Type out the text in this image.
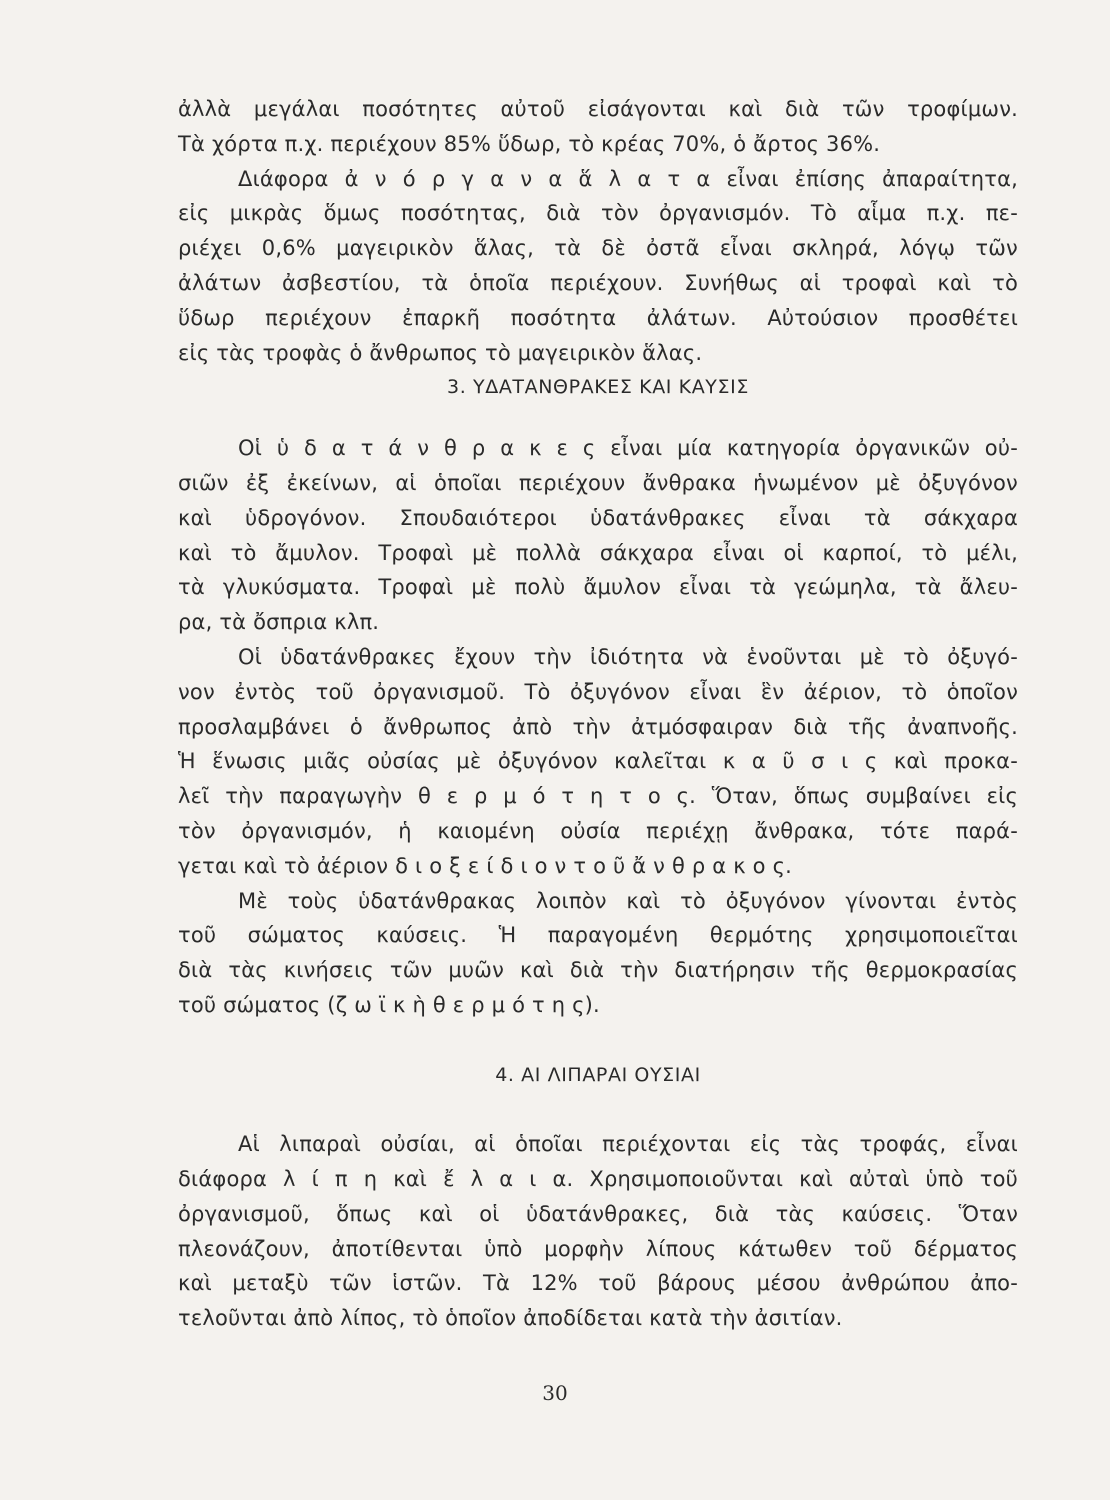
ἀλλὰ μεγάλαι ποσότητες αὐτοῦ εἰσάγονται καὶ διὰ τῶν τροφίμων.
Τὰ χόρτα π.χ. περιέχουν 85% ὕδωρ, τὸ κρέας 70%, ὁ ἄρτος 36%.
Διάφορα ἀ ν ό ρ γ α ν α ἅ λ α τ α εἶναι ἐπίσης ἀπαραίτητα,
εἰς μικρὰς ὅμως ποσότητας, διὰ τὸν ὀργανισμόν. Τὸ αἷμα π.χ. πε-
ριέχει 0,6% μαγειρικὸν ἅλας, τὰ δὲ ὀστᾶ εἶναι σκληρά, λόγῳ τῶν
ἀλάτων ἀσβεστίου, τὰ ὁποῖα περιέχουν. Συνήθως αἱ τροφαὶ καὶ τὸ
ὕδωρ περιέχουν ἐπαρκῆ ποσότητα ἀλάτων. Αὐτούσιον προσθέτει
εἰς τὰς τροφὰς ὁ ἄνθρωπος τὸ μαγειρικὸν ἅλας.
3. ΥΔΑΤΑΝΘΡΑΚΕΣ ΚΑΙ ΚΑΥΣΙΣ
Οἱ ὑ δ α τ ά ν θ ρ α κ ε ς εἶναι μία κατηγορία ὀργανικῶν οὐ-
σιῶν ἐξ ἐκείνων, αἱ ὁποῖαι περιέχουν ἄνθρακα ἡνωμένον μὲ ὀξυγόνον
καὶ ὑδρογόνον. Σπουδαιότεροι ὑδατάνθρακες εἶναι τὰ σάκχαρα
καὶ τὸ ἄμυλον. Τροφαὶ μὲ πολλὰ σάκχαρα εἶναι οἱ καρποί, τὸ μέλι,
τὰ γλυκύσματα. Τροφαὶ μὲ πολὺ ἄμυλον εἶναι τὰ γεώμηλα, τὰ ἄλευ-
ρα, τὰ ὄσπρια κλπ.
Οἱ ὑδατάνθρακες ἔχουν τὴν ἰδιότητα νὰ ἑνοῦνται μὲ τὸ ὀξυγό-
νον ἐντὸς τοῦ ὀργανισμοῦ. Τὸ ὀξυγόνον εἶναι ἓν ἀέριον, τὸ ὁποῖον
προσλαμβάνει ὁ ἄνθρωπος ἀπὸ τὴν ἀτμόσφαιραν διὰ τῆς ἀναπνοῆς.
Ἡ ἕνωσις μιᾶς οὐσίας μὲ ὀξυγόνον καλεῖται κ α ῦ σ ι ς καὶ προκα-
λεῖ τὴν παραγωγὴν θ ε ρ μ ό τ η τ ο ς. Ὅταν, ὅπως συμβαίνει εἰς
τὸν ὀργανισμόν, ἡ καιομένη οὐσία περιέχῃ ἄνθρακα, τότε παρά-
γεται καὶ τὸ ἀέριον δ ι ο ξ ε ί δ ι ο ν τ ο ῦ ἄ ν θ ρ α κ ο ς.
Μὲ τοὺς ὑδατάνθρακας λοιπὸν καὶ τὸ ὀξυγόνον γίνονται ἐντὸς
τοῦ σώματος καύσεις. Ἡ παραγομένη θερμότης χρησιμοποιεῖται
διὰ τὰς κινήσεις τῶν μυῶν καὶ διὰ τὴν διατήρησιν τῆς θερμοκρασίας
τοῦ σώματος (ζ ω ϊ κ ὴ θ ε ρ μ ό τ η ς).
4. ΑΙ ΛΙΠΑΡΑΙ ΟΥΣΙΑΙ
Αἱ λιπαραὶ οὐσίαι, αἱ ὁποῖαι περιέχονται εἰς τὰς τροφάς, εἶναι
διάφορα λ ί π η καὶ ἔ λ α ι α. Χρησιμοποιοῦνται καὶ αὐταὶ ὑπὸ τοῦ
ὀργανισμοῦ, ὅπως καὶ οἱ ὑδατάνθρακες, διὰ τὰς καύσεις. Ὅταν
πλεονάζουν, ἀποτίθενται ὑπὸ μορφὴν λίπους κάτωθεν τοῦ δέρματος
καὶ μεταξὺ τῶν ἱστῶν. Τὰ 12% τοῦ βάρους μέσου ἀνθρώπου ἀπο-
τελοῦνται ἀπὸ λίπος, τὸ ὁποῖον ἀποδίδεται κατὰ τὴν ἀσιτίαν.
30
